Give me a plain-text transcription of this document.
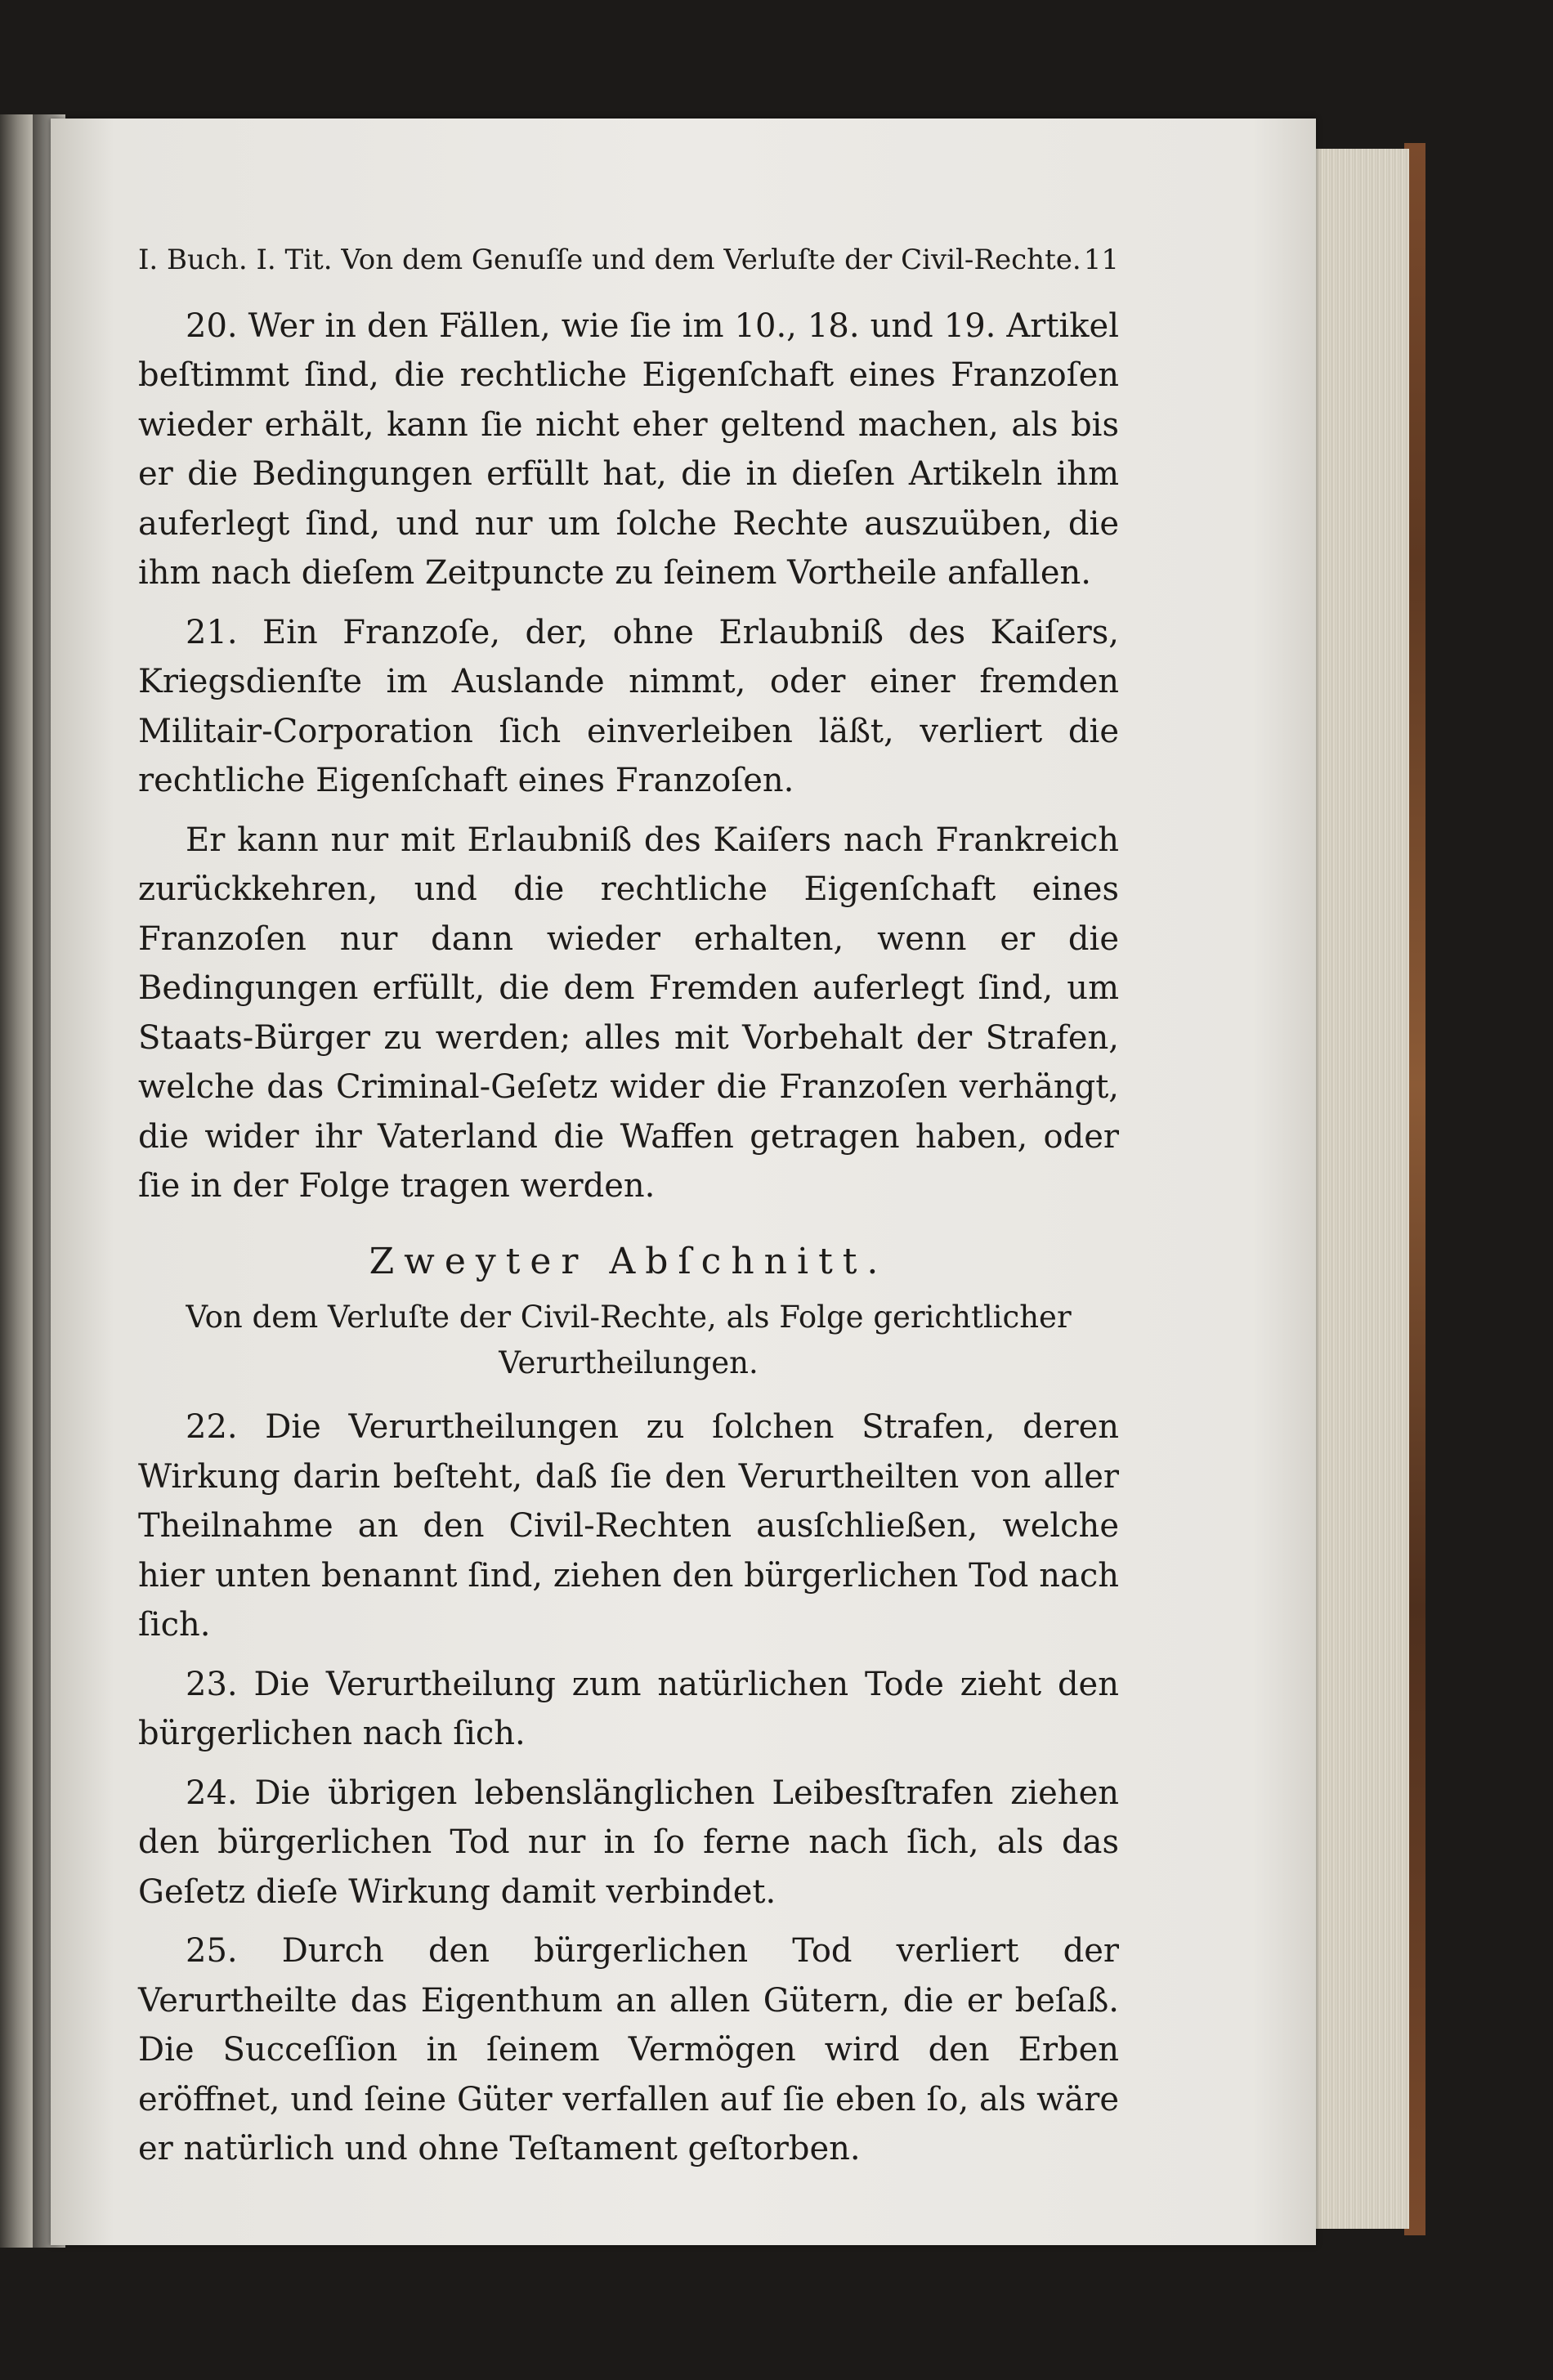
I. Buch. I. Tit. Von dem Genuſſe und dem Verluſte der Civil-Rechte. 11

20. Wer in den Fällen, wie ſie im 10., 18. und 19. Artikel beſtimmt ſind, die rechtliche Eigenſchaft eines Franzoſen wieder erhält, kann ſie nicht eher geltend machen, als bis er die Bedingungen erfüllt hat, die in dieſen Artikeln ihm auferlegt ſind, und nur um ſolche Rechte auszuüben, die ihm nach dieſem Zeitpuncte zu ſeinem Vortheile anfallen.

21. Ein Franzoſe, der, ohne Erlaubniß des Kaiſers, Kriegsdienſte im Auslande nimmt, oder einer fremden Militair-Corporation ſich einverleiben läßt, verliert die rechtliche Eigenſchaft eines Franzoſen.

Er kann nur mit Erlaubniß des Kaiſers nach Frankreich zurückkehren, und die rechtliche Eigenſchaft eines Franzoſen nur dann wieder erhalten, wenn er die Bedingungen erfüllt, die dem Fremden auferlegt ſind, um Staats-Bürger zu werden; alles mit Vorbehalt der Strafen, welche das Criminal-Geſetz wider die Franzoſen verhängt, die wider ihr Vaterland die Waffen getragen haben, oder ſie in der Folge tragen werden.

Zweyter Abſchnitt.
Von dem Verluſte der Civil-Rechte, als Folge gerichtlicher Verurtheilungen.

22. Die Verurtheilungen zu ſolchen Strafen, deren Wirkung darin beſteht, daß ſie den Verurtheilten von aller Theilnahme an den Civil-Rechten ausſchließen, welche hier unten benannt ſind, ziehen den bürgerlichen Tod nach ſich.

23. Die Verurtheilung zum natürlichen Tode zieht den bürgerlichen nach ſich.

24. Die übrigen lebenslänglichen Leibesſtrafen ziehen den bürgerlichen Tod nur in ſo ferne nach ſich, als das Geſetz dieſe Wirkung damit verbindet.

25. Durch den bürgerlichen Tod verliert der Verurtheilte das Eigenthum an allen Gütern, die er beſaß. Die Succeſſion in ſeinem Vermögen wird den Erben eröffnet, und ſeine Güter verfallen auf ſie eben ſo, als wäre er natürlich und ohne Teſtament geſtorben.
